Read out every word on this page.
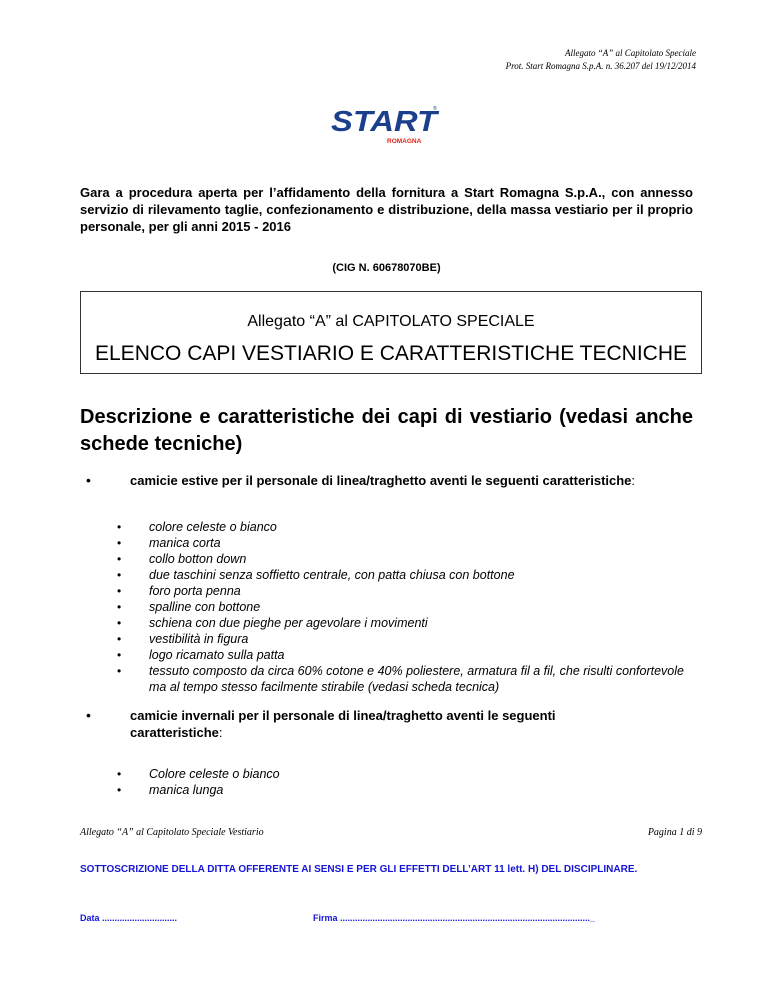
Allegato “A” al Capitolato Speciale
Prot. Start Romagna S.p.A. n. 36.207 del 19/12/2014
START
®
ROMAGNA
Gara a procedura aperta per l’affidamento della fornitura a Start Romagna S.p.A., con annesso servizio di rilevamento taglie, confezionamento e distribuzione, della massa vestiario per il proprio personale, per gli anni 2015 - 2016
(CIG N. 60678070BE)
Allegato “A” al CAPITOLATO SPECIALE
ELENCO CAPI VESTIARIO E CARATTERISTICHE TECNICHE
Descrizione e caratteristiche dei capi di vestiario (vedasi anche schede tecniche)
•	camicie estive per il personale di linea/traghetto aventi le seguenti caratteristiche:
• colore celeste o bianco
• manica corta
• collo botton down
• due taschini senza soffietto centrale, con patta chiusa con bottone
• foro porta penna
• spalline con bottone
• schiena con due pieghe per agevolare i movimenti
• vestibilità in figura
• logo ricamato sulla patta
• tessuto composto da circa 60% cotone e 40% poliestere, armatura fil a fil, che risulti confortevole ma al tempo stesso facilmente stirabile (vedasi scheda tecnica)
•	camicie invernali per il personale di linea/traghetto aventi le seguenti caratteristiche:
• Colore celeste o bianco
• manica lunga
Allegato “A” al Capitolato Speciale Vestiario	Pagina 1 di 9
SOTTOSCRIZIONE DELLA DITTA OFFERENTE AI SENSI E PER GLI EFFETTI DELL’ART 11 lett. H) DEL DISCIPLINARE.
Data ..............................	Firma ...................................................................................................._
